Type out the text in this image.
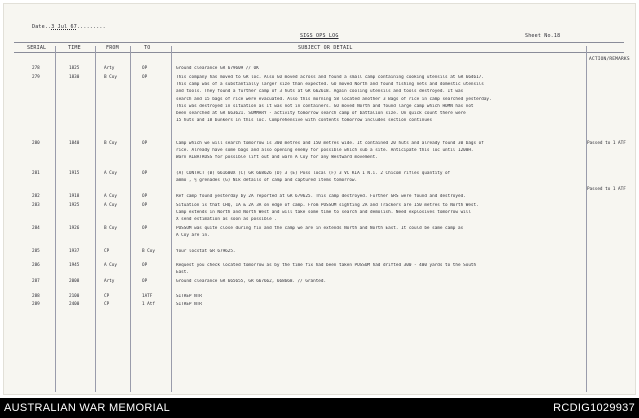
Date..3 Jul 67.........
SIGS OPS LOG	Sheet No.18
SERIAL	TIME	FROM	TO	SUBJECT OR DETAIL
ACTION/REMARKS
278	1825	Arty	OP	Ground clearance GR 679609 // OK
279	1830	B Coy	OP	This company has moved to GR loc. Also GO moved across and found a small camp containing cooking utensils at GR 664617.
This camp was of a substantially larger size than expected. GO moved North and found fishing nets and domestic utensils
and tools. They found a further camp of 3 huts at GR 662618. Again cooling utensils and tools destroyed. It was
search and 15 bags of rice were evacuated. Also this morning 58 located another 3 Bags of rice in camp searched yesterday.
This was destroyed in situation as it was not in containers. GO moved North and found large camp which HOMN has not
been searched at GR 663621. SUMMARY - activity tomorrow search camp of battalion size. On quick count there were
15 huts and 18 bunkers in this loc. Comprehensive with contents tomorrow includes section continues
280	1840	B Coy	OP	Camp which we will search tomorrow is 300 metres and 150 metres wide. It contained 20 huts and already found 30 bags of
rice. Already have some bags and also opening enemy for possible which sub a site. Anticipate this loc until 1200H.
Warn ALBATROSS for possible lift out and warn A Coy for any Westward movement.
Passed to 1 ATF
281	1915	A Coy	OP	(A) CONTACT (B) 661600X (C) GR 668626 (D) 3 (E) Poss local (F) 3 VC KIA 1 N.i. 2 Chicom rifles quantity of
ammo , ½ grenades (G) Nik details of camp and captured items tomorrow.
Passed to 1 ATF
282	1918	A Coy	OP	Ref camp found yesterday by 2A reported at GR 679625. This camp destroyed. Further GRS were found and destroyed.
283	1925	A Coy	OP	Situation is that CHQ, 1A & 2A 3A on edge of camp. From POSSUM sighting 2A and Trackers are 150 metres to North West.
Camp extends in North and North West and will take some time to search and demolish. Need explosives tomorrow will
X send estimation as soon as possible .
284	1926	B Coy	OP	POSSUM was quite close during fix and the camp we are in extends North and North East. It could be same camp as
A Coy are in.
285	1937	CP	B Coy	Your locstat GR 679625.
286	1945	A Coy	OP	Request you check located tomorrow as by the time fix had been taken POSSUM had drifted 300 - 400 yards to the South
East.
287	2008	Arty	OP	Ground clearance GR 665655, GR 667662, 668668. // Granted.
288	2100	CP	1ATF	SITREP NTR
289	2400	CP	1 Atf	SITREP NTR
AUSTRALIAN WAR MEMORIAL	RCDIG1029937
